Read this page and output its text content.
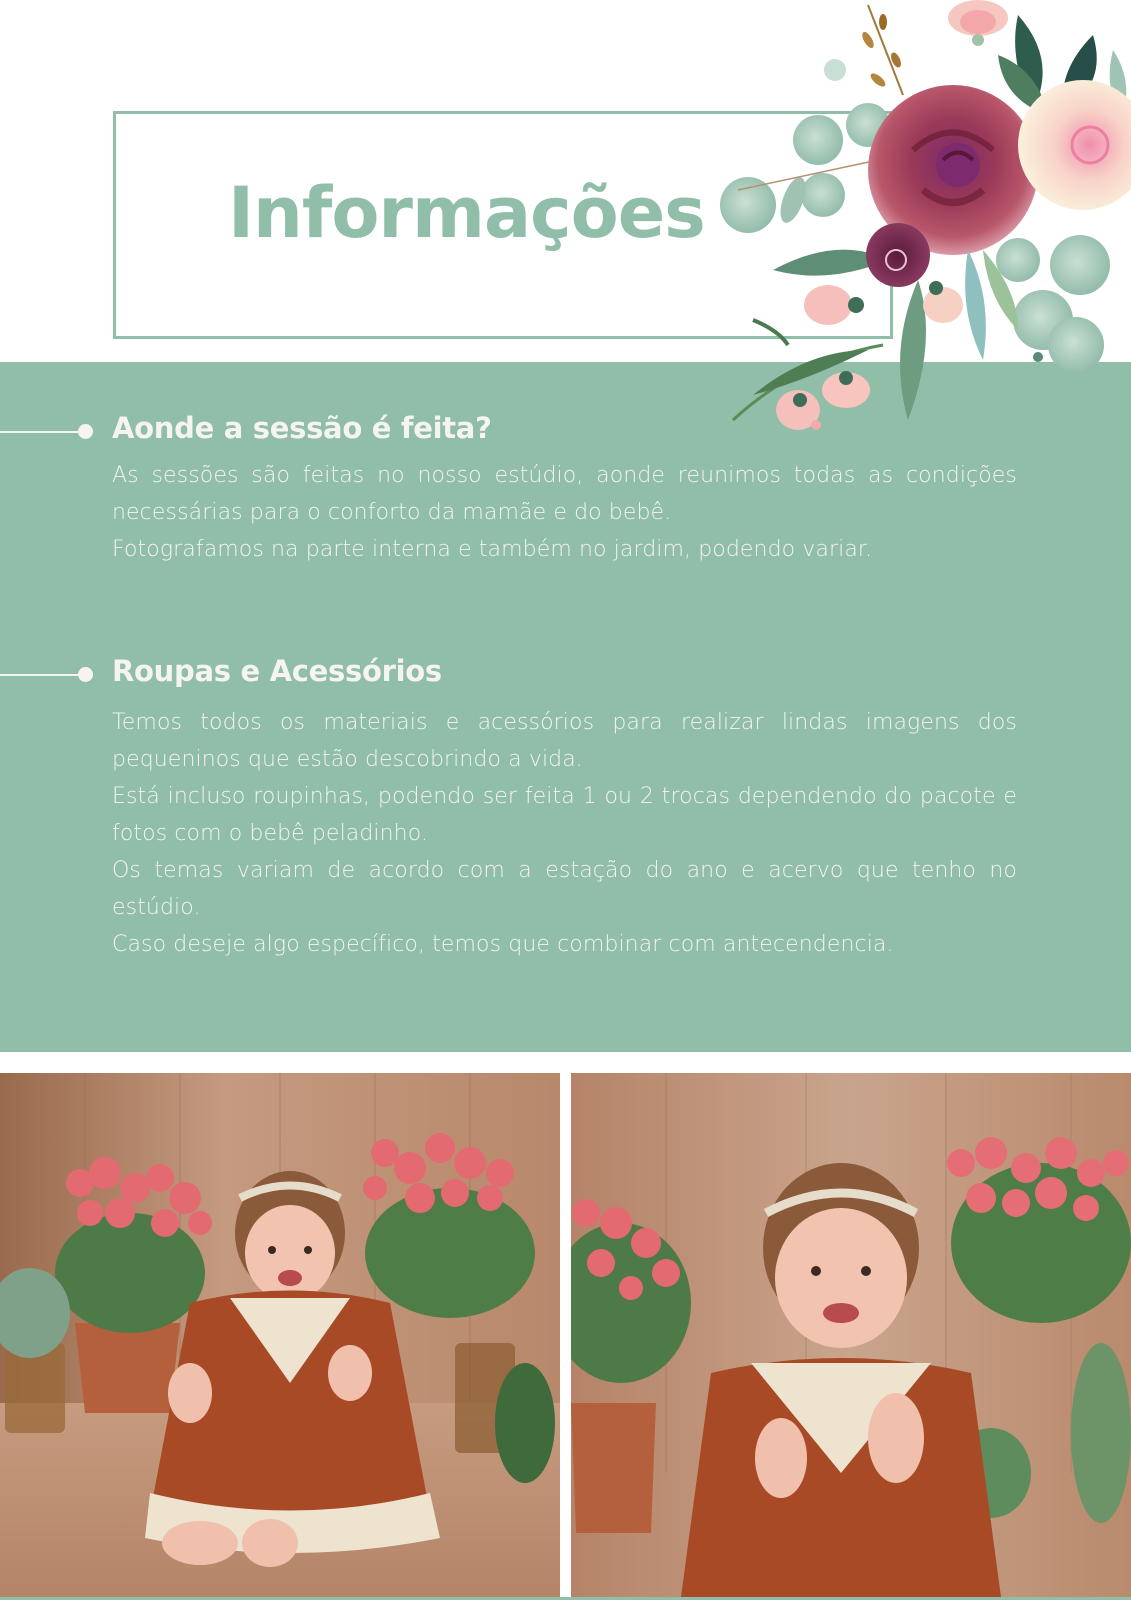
Informações
Aonde a sessão é feita?

As sessões são feitas no nosso estúdio, aonde reunimos todas as condições necessárias para o conforto da mamãe e do bebê.

Fotografamos na parte interna e também no jardim, podendo variar.

Roupas e Acessórios

Temos todos os materiais e acessórios para realizar lindas imagens dos pequeninos que estão descobrindo a vida.

Está incluso roupinhas, podendo ser feita 1 ou 2 trocas dependendo do pacote e fotos com o bebê peladinho.

Os temas variam de acordo com a estação do ano e acervo que tenho no estúdio.

Caso deseje algo específico, temos que combinar com antecendencia.
